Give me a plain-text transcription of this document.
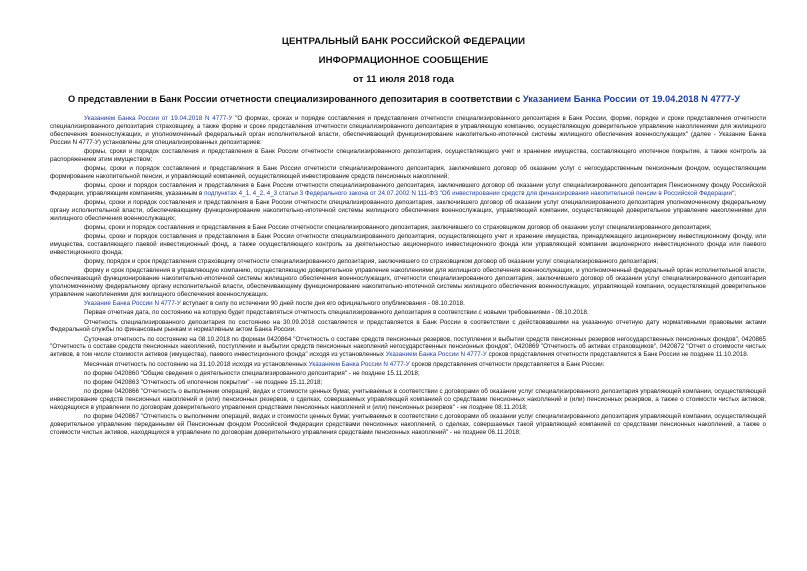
ЦЕНТРАЛЬНЫЙ БАНК РОССИЙСКОЙ ФЕДЕРАЦИИ
ИНФОРМАЦИОННОЕ СООБЩЕНИЕ
от 11 июля 2018 года
О представлении в Банк России отчетности специализированного депозитария в соответствии с Указанием Банка России от 19.04.2018 N 4777-У

Указанием Банка России от 19.04.2018 N 4777-У "О формах, сроках и порядке составления и представления отчетности специализированного депозитария в Банк России, форме, порядке и сроке представления отчетности специализированного депозитария страховщику, а также форме и сроке представления отчетности специализированного депозитария в управляющую компанию, осуществляющую доверительное управление накоплениями для жилищного обеспечения военнослужащих, и уполномоченный федеральный орган исполнительной власти, обеспечивающий функционирование накопительно-ипотечной системы жилищного обеспечения военнослужащих" (далее - Указание Банка России N 4777-У) установлены для специализированных депозитариев:

формы, сроки и порядок составления и представления в Банк России отчетности специализированного депозитария, осуществляющего учет и хранение имущества, составляющего ипотечное покрытие, а также контроль за распоряжением этим имуществом;

формы, сроки и порядок составления и представления в Банк России отчетности специализированного депозитария, заключившего договор об оказании услуг с негосударственным пенсионным фондом, осуществляющим формирование накопительной пенсии, и управляющей компанией, осуществляющей инвестирование средств пенсионных накоплений;

формы, сроки и порядок составления и представления в Банк России отчетности специализированного депозитария, заключившего договор об оказании услуг специализированного депозитария Пенсионному фонду Российской Федерации, управляющим компаниям, указанным в подпунктах 4_1, 4_2, 4_3 статьи 3 Федерального закона от 24.07.2002 N 111-ФЗ "Об инвестировании средств для финансирования накопительной пенсии в Российской Федерации";

формы, сроки и порядок составления и представления в Банк России отчетности специализированного депозитария, заключившего договор об оказании услуг специализированного депозитария уполномоченному федеральному органу исполнительной власти, обеспечивающему функционирование накопительно-ипотечной системы жилищного обеспечения военнослужащих, управляющей компании, осуществляющей доверительное управление накоплениями для жилищного обеспечения военнослужащих;

формы, сроки и порядок составления и представления в Банк России отчетности специализированного депозитария, заключившего со страховщиком договор об оказании услуг специализированного депозитария;

формы, сроки и порядок составления и представления в Банк России отчетности специализированного депозитария, осуществляющего учет и хранение имущества, принадлежащего акционерному инвестиционному фонду, или имущества, составляющего паевой инвестиционный фонд, а также осуществляющего контроль за деятельностью акционерного инвестиционного фонда или управляющей компании акционерного инвестиционного фонда или паевого инвестиционного фонда;

форму, порядок и срок представления страховщику отчетности специализированного депозитария, заключившего со страховщиком договор об оказании услуг специализированного депозитария;

форму и срок представления в управляющую компанию, осуществляющую доверительное управление накоплениями для жилищного обеспечения военнослужащих, и уполномоченный федеральный орган исполнительной власти, обеспечивающий функционирование накопительно-ипотечной системы жилищного обеспечения военнослужащих, отчетности специализированного депозитария, заключившего договор об оказании услуг специализированного депозитария уполномоченному федеральному органу исполнительной власти, обеспечивающему функционирование накопительно-ипотечной системы жилищного обеспечения военнослужащих, управляющей компании, осуществляющей доверительное управление накоплениями для жилищного обеспечения военнослужащих.

Указание Банка России N 4777-У вступает в силу по истечении 90 дней после дня его официального опубликования - 08.10.2018.

Первая отчетная дата, по состоянию на которую будет представляться отчетность специализированного депозитария в соответствии с новыми требованиями - 08.10.2018.

Отчетность специализированного депозитария по состоянию на 30.09.2018 составляется и представляется в Банк России в соответствии с действовавшими на указанную отчетную дату нормативными правовыми актами Федеральной службы по финансовым рынкам и нормативным актом Банка России.

Суточная отчетность по состоянию на 08.10.2018 по формам 0420864 "Отчетность о составе средств пенсионных резервов, поступлении и выбытии средств пенсионных резервов негосударственных пенсионных фондов", 0420865 "Отчетность о составе средств пенсионных накоплений, поступлении и выбытии средств пенсионных накоплений негосударственных пенсионных фондов", 0420869 "Отчетность об активах страховщиков", 0420872 "Отчет о стоимости чистых активов, в том числе стоимости активов (имущества), паевого инвестиционного фонда" исходя из установленных Указанием Банка России N 4777-У сроков представления отчетности представляется в Банк России не позднее 11.10.2018.

Месячная отчетность по состоянию на 31.10.2018 исходя из установленных Указанием Банка России N 4777-У сроков представления отчетности представляется в Банк России:

по форме 0420860 "Общие сведения о деятельности специализированного депозитария" - не позднее 15.11.2018;

по форме 0420863 "Отчетность об ипотечном покрытии" - не позднее 15.11.2018;

по форме 0420866 "Отчетность о выполнении операций, видах и стоимости ценных бумаг, учитываемых в соответствии с договорами об оказании услуг специализированного депозитария управляющей компании, осуществляющей инвестирование средств пенсионных накоплений и (или) пенсионных резервов, о сделках, совершаемых управляющей компанией со средствами пенсионных накоплений и (или) пенсионных резервов, а также о стоимости чистых активов, находящихся в управлении по договорам доверительного управления средствами пенсионных накоплений и (или) пенсионных резервов" - не позднее 08.11.2018;

по форме 0420867 "Отчетность о выполнении операций, видах и стоимости ценных бумаг, учитываемых в соответствии с договорами об оказании услуг специализированного депозитария управляющей компании, осуществляющей доверительное управление переданными ей Пенсионным фондом Российской Федерации средствами пенсионных накоплений, о сделках, совершаемых такой управляющей компанией со средствами пенсионных накоплений, а также о стоимости чистых активов, находящихся в управлении по договорам доверительного управления средствами пенсионных накоплений" - не позднее 06.11.2018;
